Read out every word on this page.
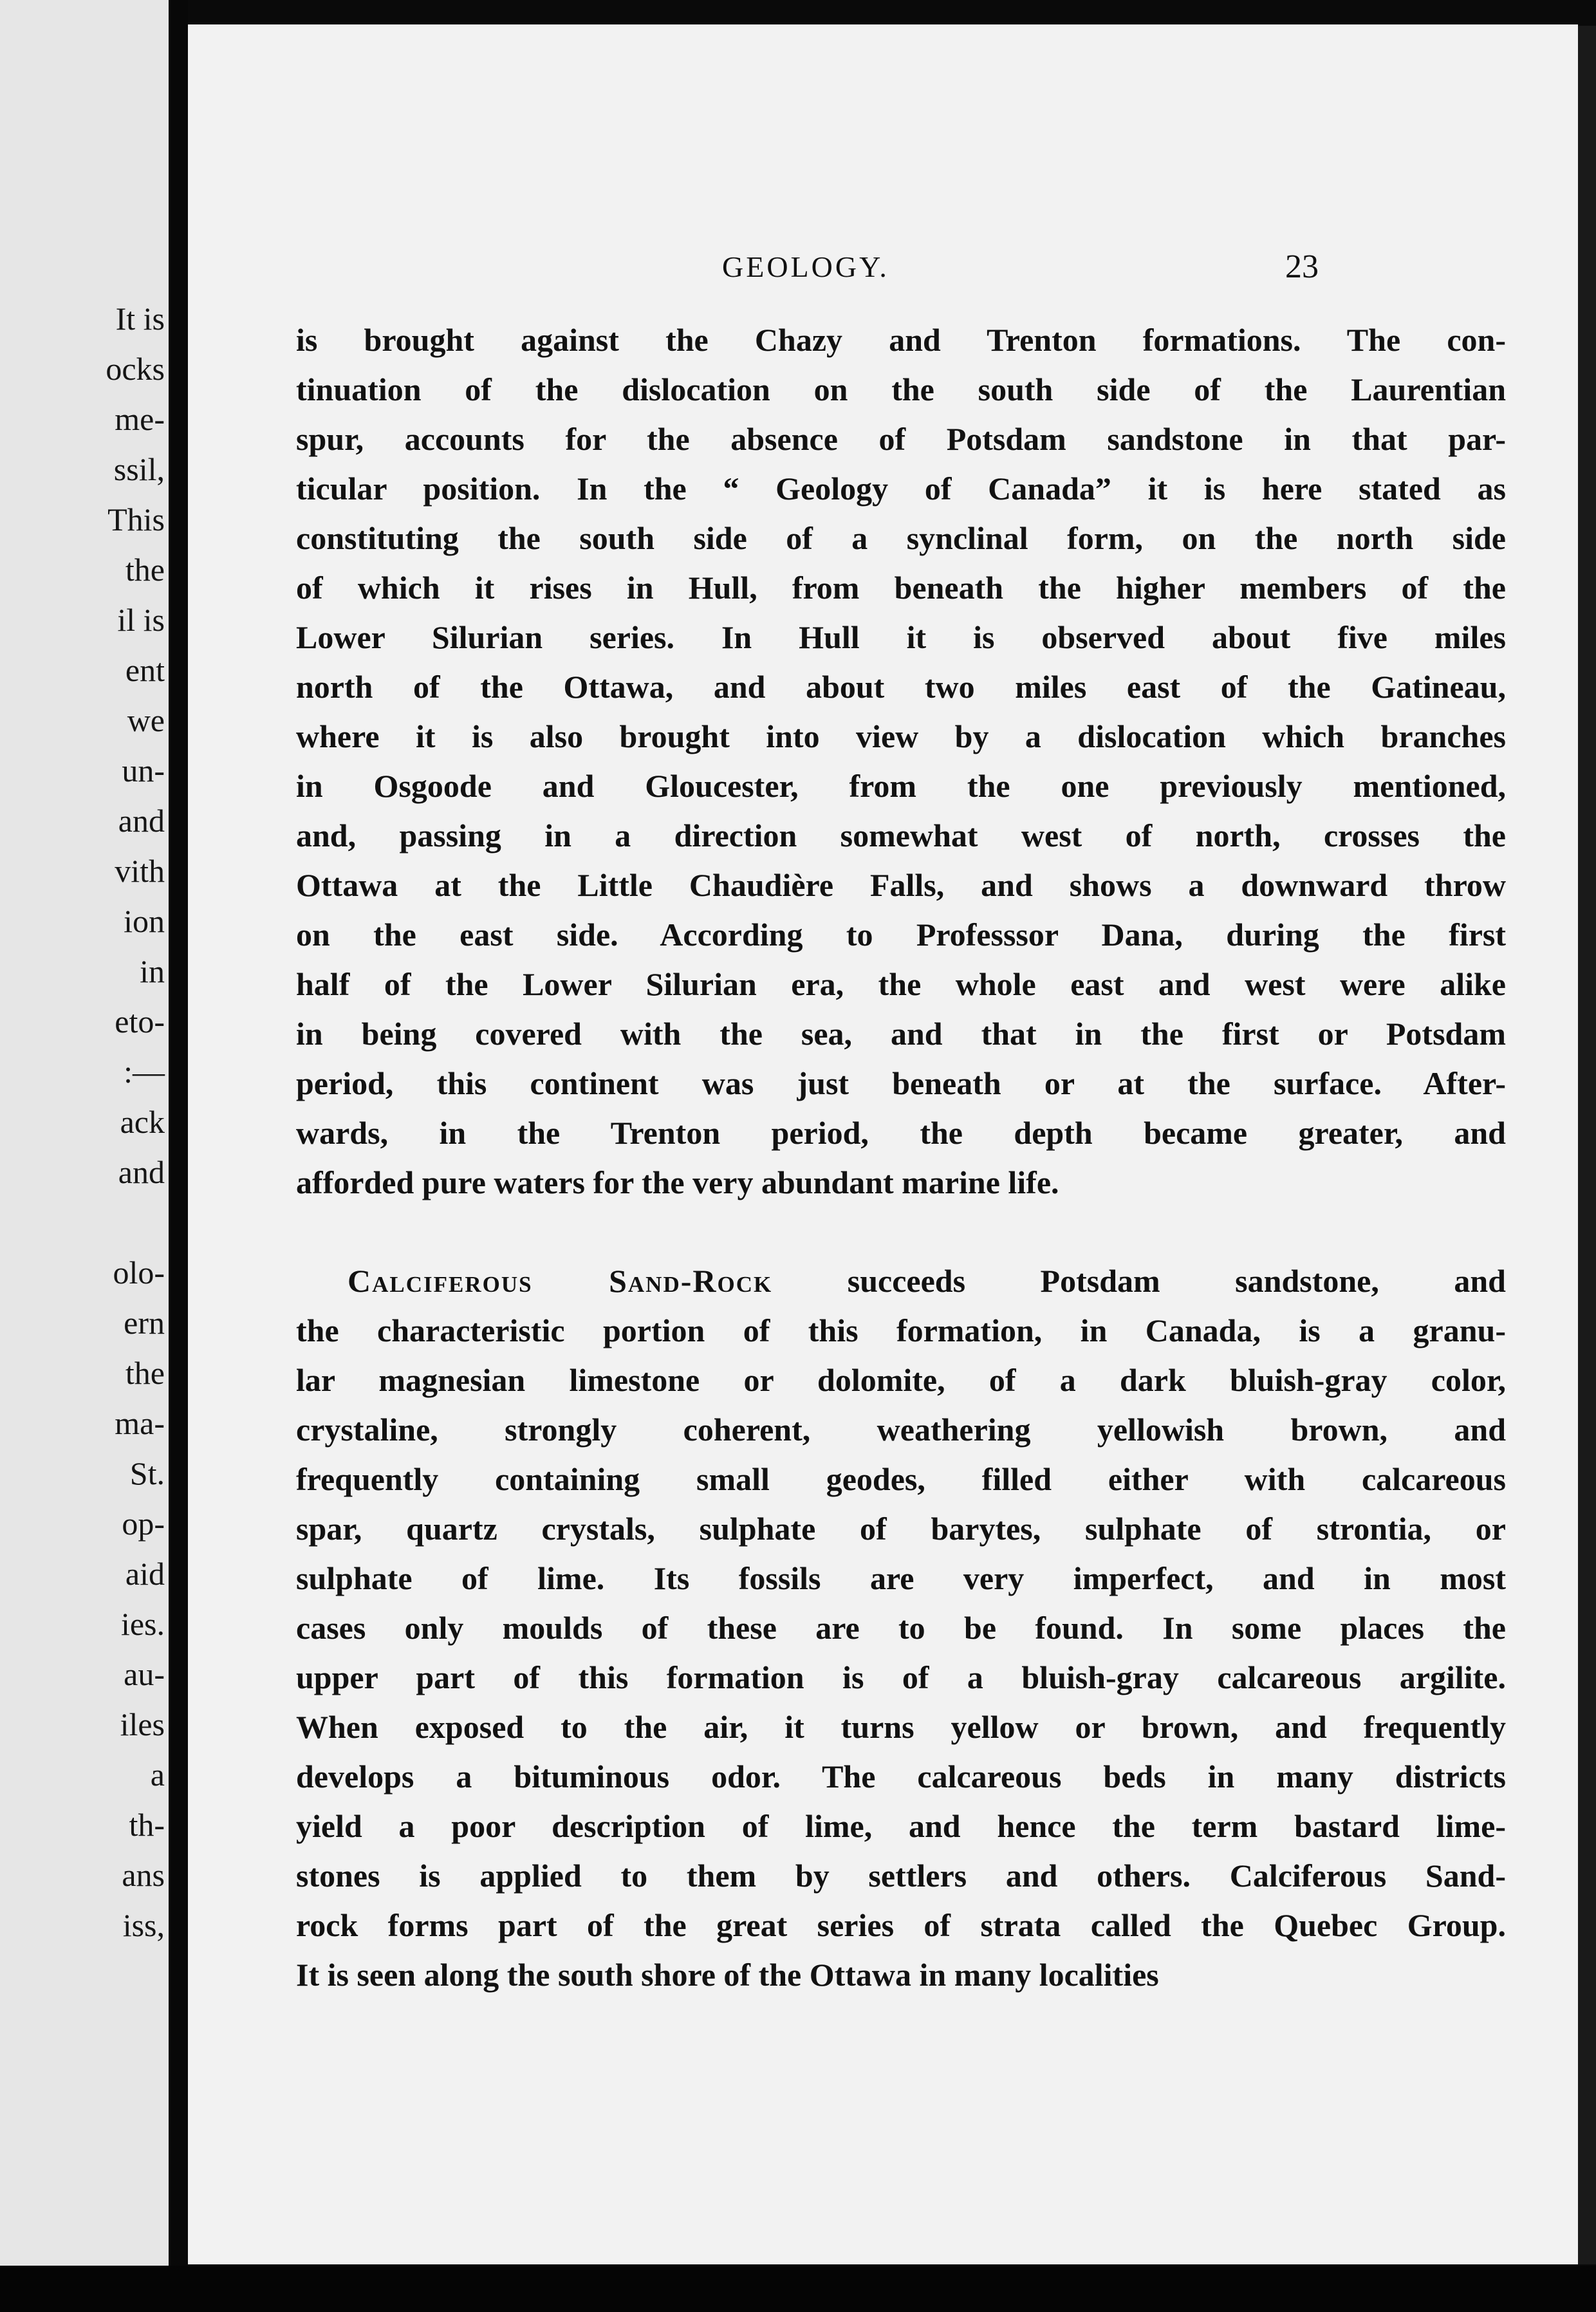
It is

ocks

me-

ssil,

This

the

il is

ent

we

un-

and

vith

ion

in

eto-

:—

ack

and

olo-

ern

the

ma-

St.

op-

aid

ies.

au-

iles

a

th-

ans

iss,

GEOLOGY.	23

is brought against the Chazy and Trenton formations. The con-

tinuation of the dislocation on the south side of the Laurentian

spur, accounts for the absence of Potsdam sandstone in that par-

ticular position. In the “ Geology of Canada” it is here stated as

constituting the south side of a synclinal form, on the north side

of which it rises in Hull, from beneath the higher members of the

Lower Silurian series. In Hull it is observed about five miles

north of the Ottawa, and about two miles east of the Gatineau,

where it is also brought into view by a dislocation which branches

in Osgoode and Gloucester, from the one previously mentioned,

and, passing in a direction somewhat west of north, crosses the

Ottawa at the Little Chaudière Falls, and shows a downward throw

on the east side. According to Professsor Dana, during the first

half of the Lower Silurian era, the whole east and west were alike

in being covered with the sea, and that in the first or Potsdam

period, this continent was just beneath or at the surface. After-

wards, in the Trenton period, the depth became greater, and

afforded pure waters for the very abundant marine life.

Calciferous Sand-Rock succeeds Potsdam sandstone, and

the characteristic portion of this formation, in Canada, is a granu-

lar magnesian limestone or dolomite, of a dark bluish-gray color,

crystaline, strongly coherent, weathering yellowish brown, and

frequently containing small geodes, filled either with calcareous

spar, quartz crystals, sulphate of barytes, sulphate of strontia, or

sulphate of lime. Its fossils are very imperfect, and in most

cases only moulds of these are to be found. In some places the

upper part of this formation is of a bluish-gray calcareous argilite.

When exposed to the air, it turns yellow or brown, and frequently

develops a bituminous odor. The calcareous beds in many districts

yield a poor description of lime, and hence the term bastard lime-

stones is applied to them by settlers and others. Calciferous Sand-

rock forms part of the great series of strata called the Quebec Group.

It is seen along the south shore of the Ottawa in many localities
